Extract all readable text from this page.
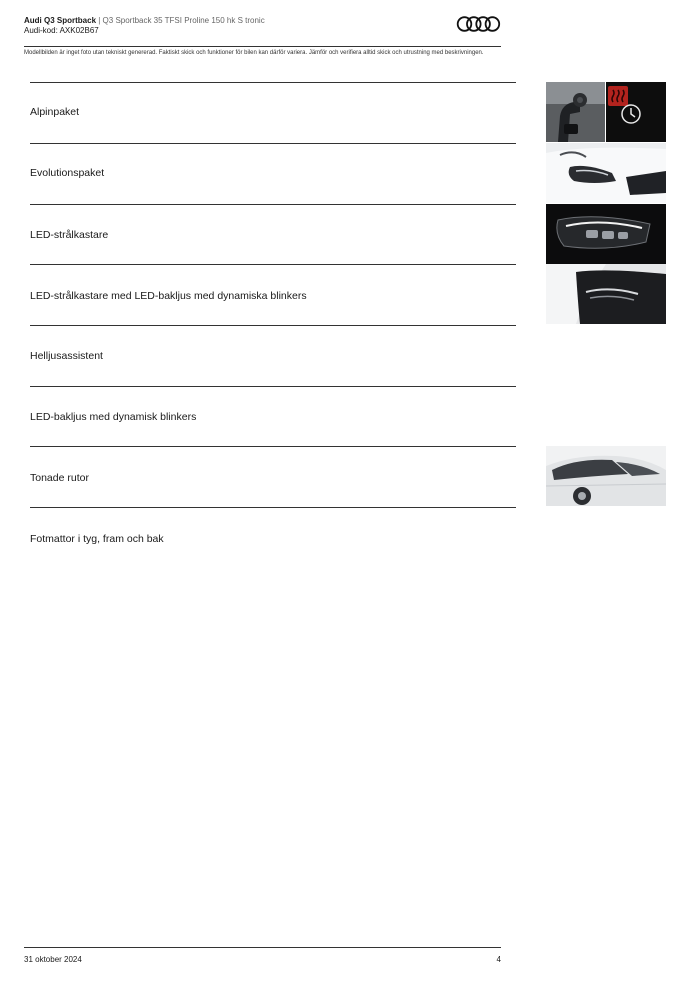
Audi Q3 Sportback | Q3 Sportback 35 TFSI Proline 150 hk S tronic
Audi-kod: AXK02B67
Modellbilden är inget foto utan tekniskt genererad. Faktiskt skick och funktioner för bilen kan därför variera. Jämför och verifiera alltid skick och utrustning med beskrivningen.
Alpinpaket
Evolutionspaket
LED-strålkastare
LED-strålkastare med LED-bakljus med dynamiska blinkers
Helljusassistent
LED-bakljus med dynamisk blinkers
Tonade rutor
Fotmattor i tyg, fram och bak
31 oktober 2024	4
